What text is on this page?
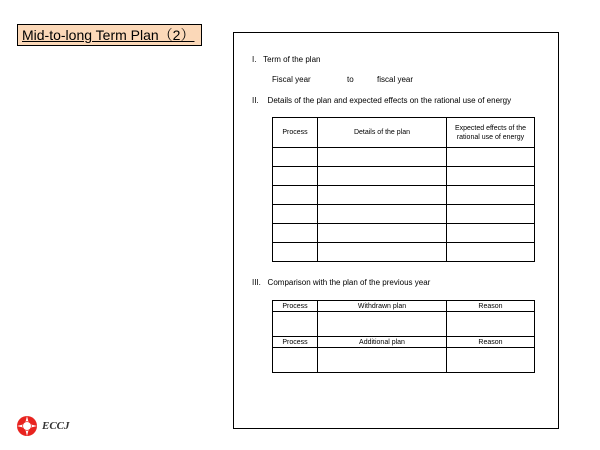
Mid-to-long Term Plan（2）
I.   Term of the plan
Fiscal year	to	fiscal year
II.    Details of the plan and expected effects on the rational use of energy
Process	Details of the plan	Expected effects of the rational use of energy

III.   Comparison with the plan of the previous year
Process	Withdrawn plan	Reason

Process	Additional plan	Reason

ECCJ
